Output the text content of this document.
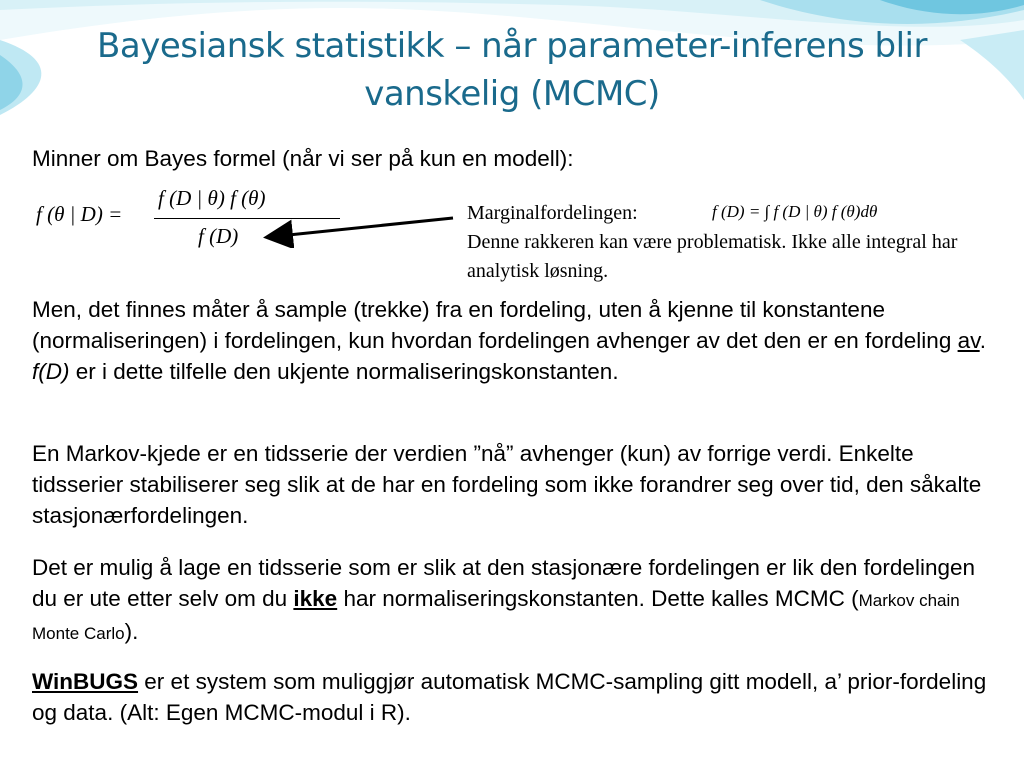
Bayesiansk statistikk – når parameter-inferens blir
vanskelig (MCMC)
Minner om Bayes formel (når vi ser på kun en modell):
f (θ | D) =
f (D | θ) f (θ)
f (D)
Marginalfordelingen:
Denne rakkeren kan være problematisk. Ikke alle integral har analytisk løsning.
f (D) = ∫ f (D | θ) f (θ)dθ
Men, det finnes måter å sample (trekke) fra en fordeling, uten å kjenne til konstantene (normaliseringen) i fordelingen, kun hvordan fordelingen avhenger av det den er en fordeling av. f(D) er i dette tilfelle den ukjente normaliseringskonstanten.
En Markov-kjede er en tidsserie der verdien ”nå” avhenger (kun) av forrige verdi. Enkelte tidsserier stabiliserer seg slik at de har en fordeling som ikke forandrer seg over tid, den såkalte stasjonærfordelingen.
Det er mulig å lage en tidsserie som er slik at den stasjonære fordelingen er lik den fordelingen du er ute etter selv om du ikke har normaliseringskonstanten. Dette kalles MCMC (Markov chain Monte Carlo).
WinBUGS er et system som muliggjør automatisk MCMC-sampling gitt modell, a’ prior-fordeling og data. (Alt: Egen MCMC-modul i R).
